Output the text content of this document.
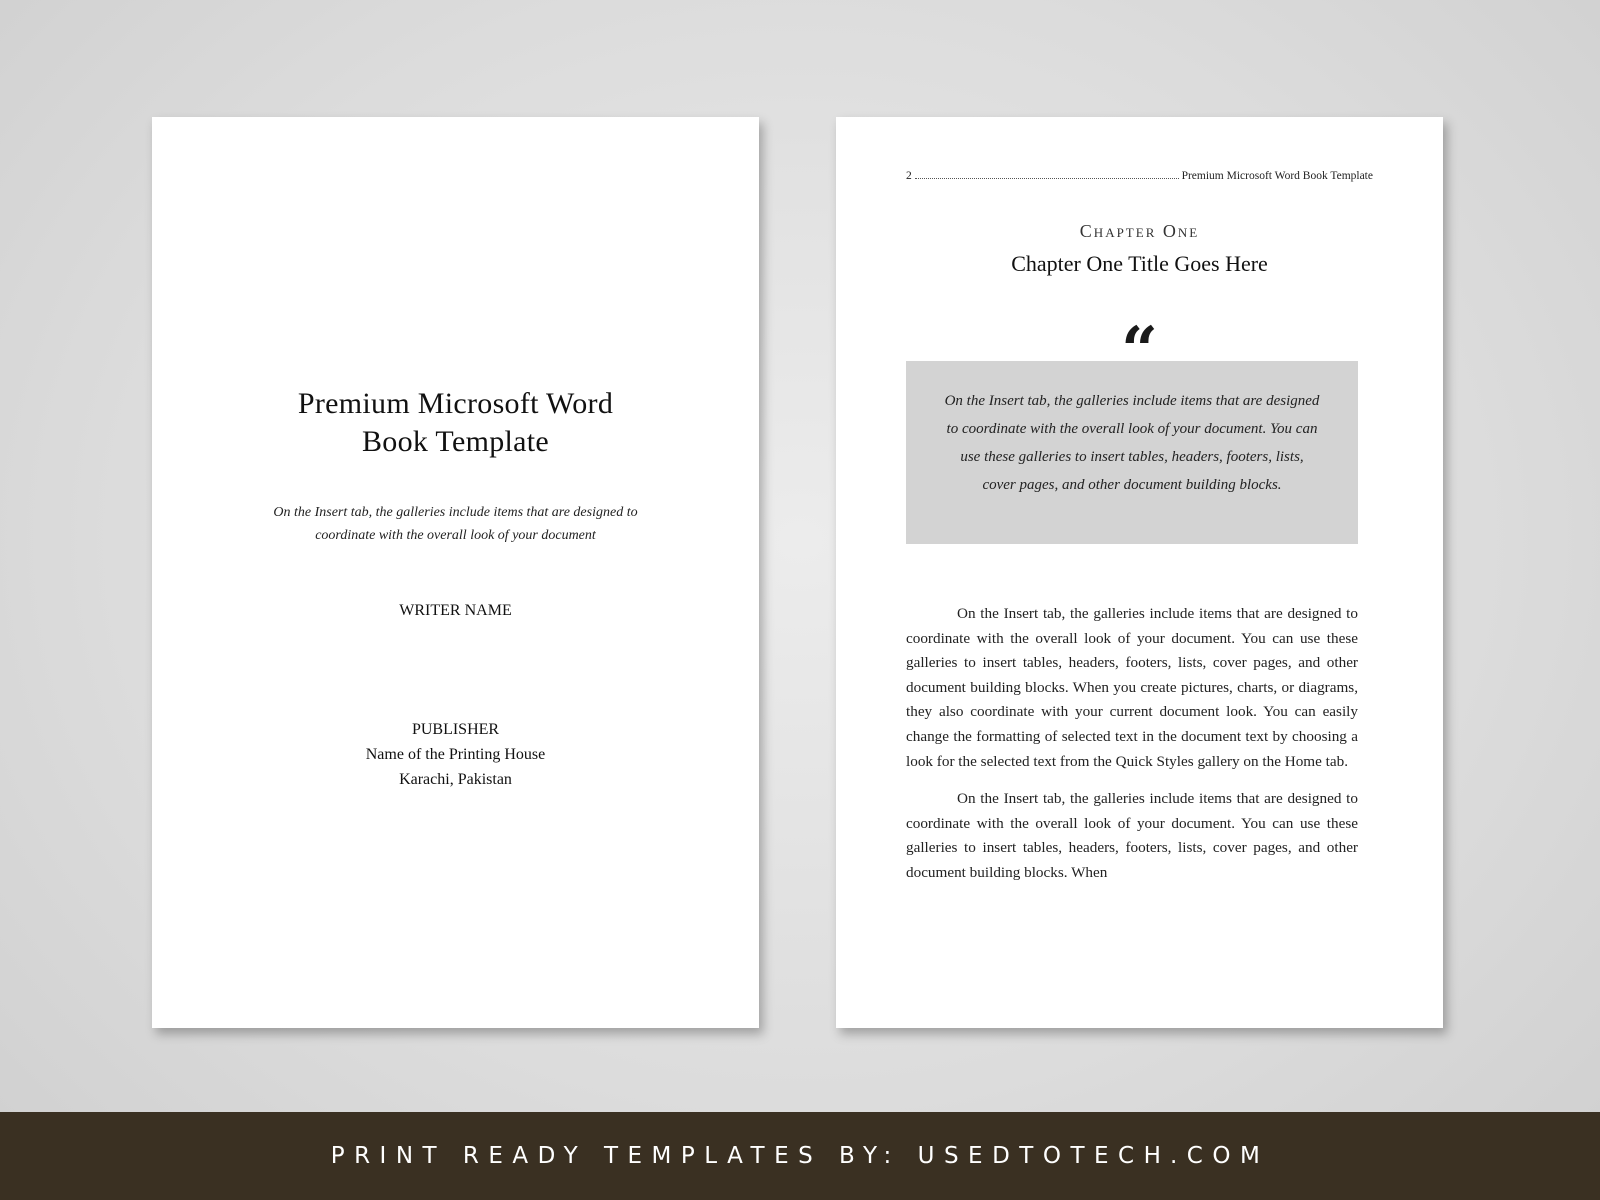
Premium Microsoft Word
Book Template
On the Insert tab, the galleries include items that are designed to
coordinate with the overall look of your document
WRITER NAME
PUBLISHER
Name of the Printing House
Karachi, Pakistan
2	Premium Microsoft Word Book Template
Chapter One
Chapter One Title Goes Here
On the Insert tab, the galleries include items that are designed to coordinate with the overall look of your document. You can use these galleries to insert tables, headers, footers, lists, cover pages, and other document building blocks.
“

On the Insert tab, the galleries include items that are designed to coordinate with the overall look of your document. You can use these galleries to insert tables, headers, footers, lists, cover pages, and other document building blocks. When you create pictures, charts, or diagrams, they also coordinate with your current document look. You can easily change the formatting of selected text in the document text by choosing a look for the selected text from the Quick Styles gallery on the Home tab.

On the Insert tab, the galleries include items that are designed to coordinate with the overall look of your document. You can use these galleries to insert tables, headers, footers, lists, cover pages, and other document building blocks. When

PRINT READY TEMPLATES BY: USEDTOTECH.COM
